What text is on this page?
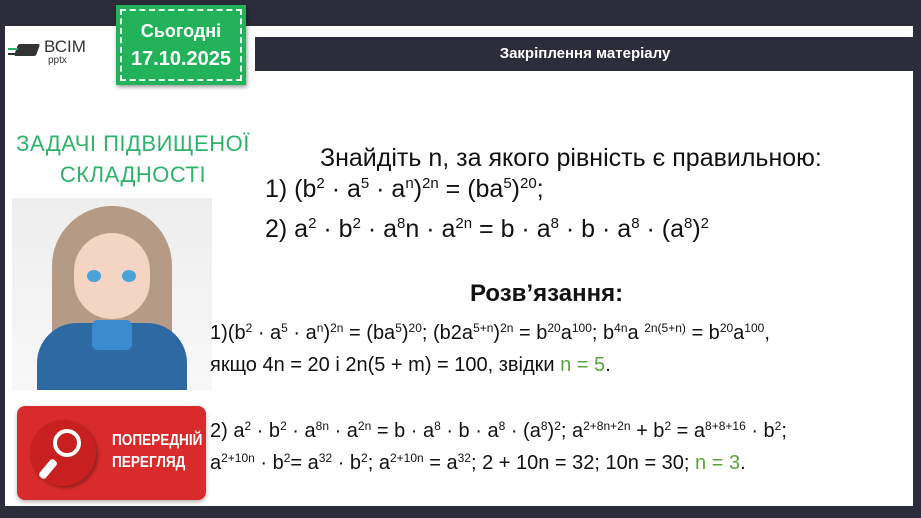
ВСІМ
pptx
Сьогодні
17.10.2025	Закріплення матеріалу
ЗАДАЧІ ПІДВИЩЕНОЇ
СКЛАДНОСТІ
ПОПЕРЕДНІЙ
ПЕРЕГЛЯД
Знайдіть n, за якого рівність є правильною:
1) $(b^2 \cdot a^5 \cdot a^n)^{2n} = (ba^5)^{20}$;
2) $a^2 \cdot b^2 \cdot a^8n \cdot a^{2n} = b \cdot a^8 \cdot b \cdot a^8 \cdot (a^8)^2$
Розв’язання:
$1)(b^2 \cdot a^5 \cdot a^n)^{2n} = (ba^5)^{20}$; $(b2a^{5+n})^{2n} = b^{20}a^{100}$; $b^{4n}a$ $^{2n(5+n)} = b^{20}a^{100}$,
якщо 4n = 20 і 2n(5 + m) = 100, звідки n = 5.
2) $a^2 \cdot b^2 \cdot a^{8n} \cdot a^{2n} = b \cdot a^8 \cdot b \cdot a^8 \cdot (a^8)^2$; $a^{2+8n+2n} + b^2 = a^{8+8+16} \cdot b^2$;
$a^{2+10n} \cdot b^2= a^{32} \cdot b^2$; $a^{2+10n} = a^{32}$; 2 + 10n = 32; 10n = 30; n = 3.
